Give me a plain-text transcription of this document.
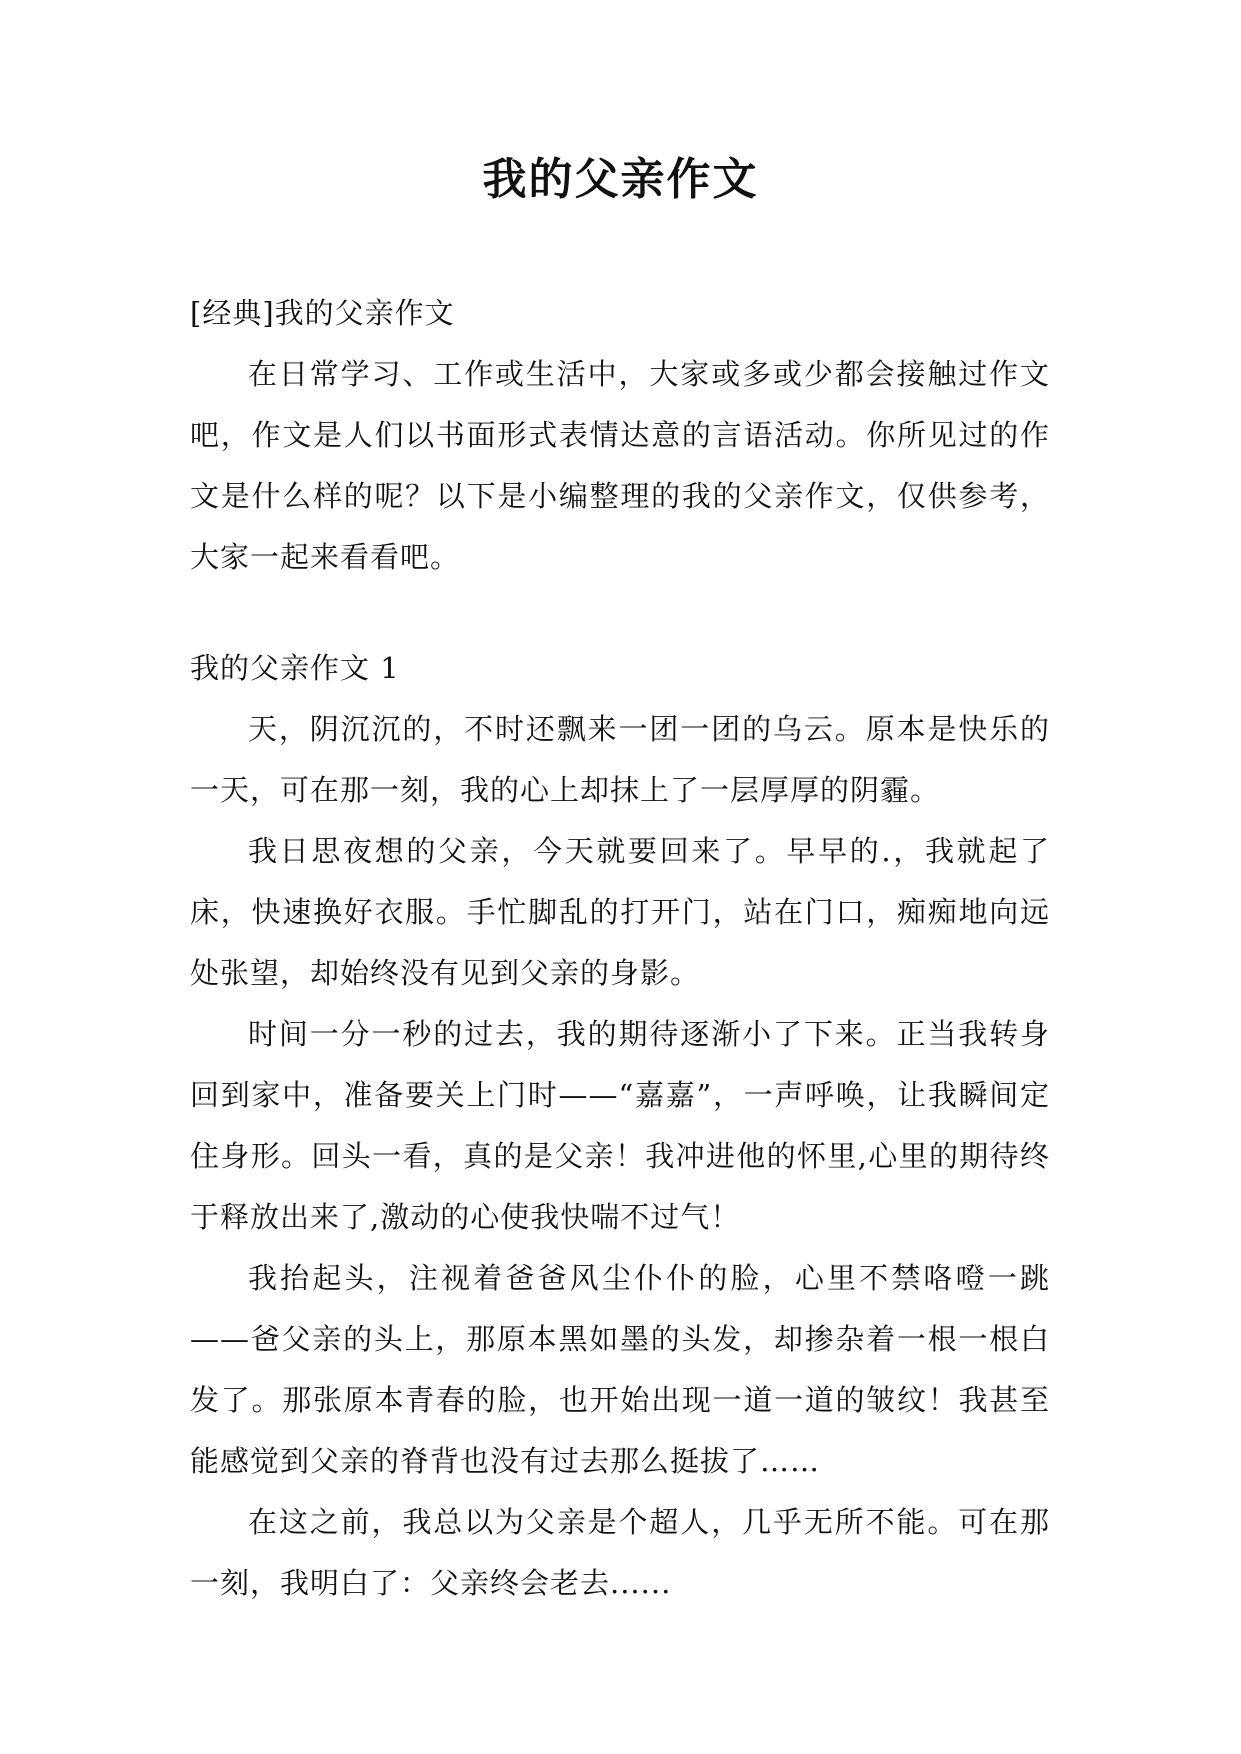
我的父亲作文

[经典]我的父亲作文

在日常学习、工作或生活中，大家或多或少都会接触过作文吧，作文是人们以书面形式表情达意的言语活动。你所见过的作文是什么样的呢？以下是小编整理的我的父亲作文，仅供参考，大家一起来看看吧。

我的父亲作文 1

天，阴沉沉的，不时还飘来一团一团的乌云。原本是快乐的一天，可在那一刻，我的心上却抹上了一层厚厚的阴霾。

我日思夜想的父亲，今天就要回来了。早早的.，我就起了床，快速换好衣服。手忙脚乱的打开门，站在门口，痴痴地向远处张望，却始终没有见到父亲的身影。

时间一分一秒的过去，我的期待逐渐小了下来。正当我转身回到家中，准备要关上门时——“嘉嘉”，一声呼唤，让我瞬间定住身形。回头一看，真的是父亲！我冲进他的怀里,心里的期待终于释放出来了,激动的心使我快喘不过气！

我抬起头，注视着爸爸风尘仆仆的脸，心里不禁咯噔一跳——爸父亲的头上，那原本黑如墨的头发，却掺杂着一根一根白发了。那张原本青春的脸，也开始出现一道一道的皱纹！我甚至能感觉到父亲的脊背也没有过去那么挺拔了……

在这之前，我总以为父亲是个超人，几乎无所不能。可在那一刻，我明白了：父亲终会老去......
